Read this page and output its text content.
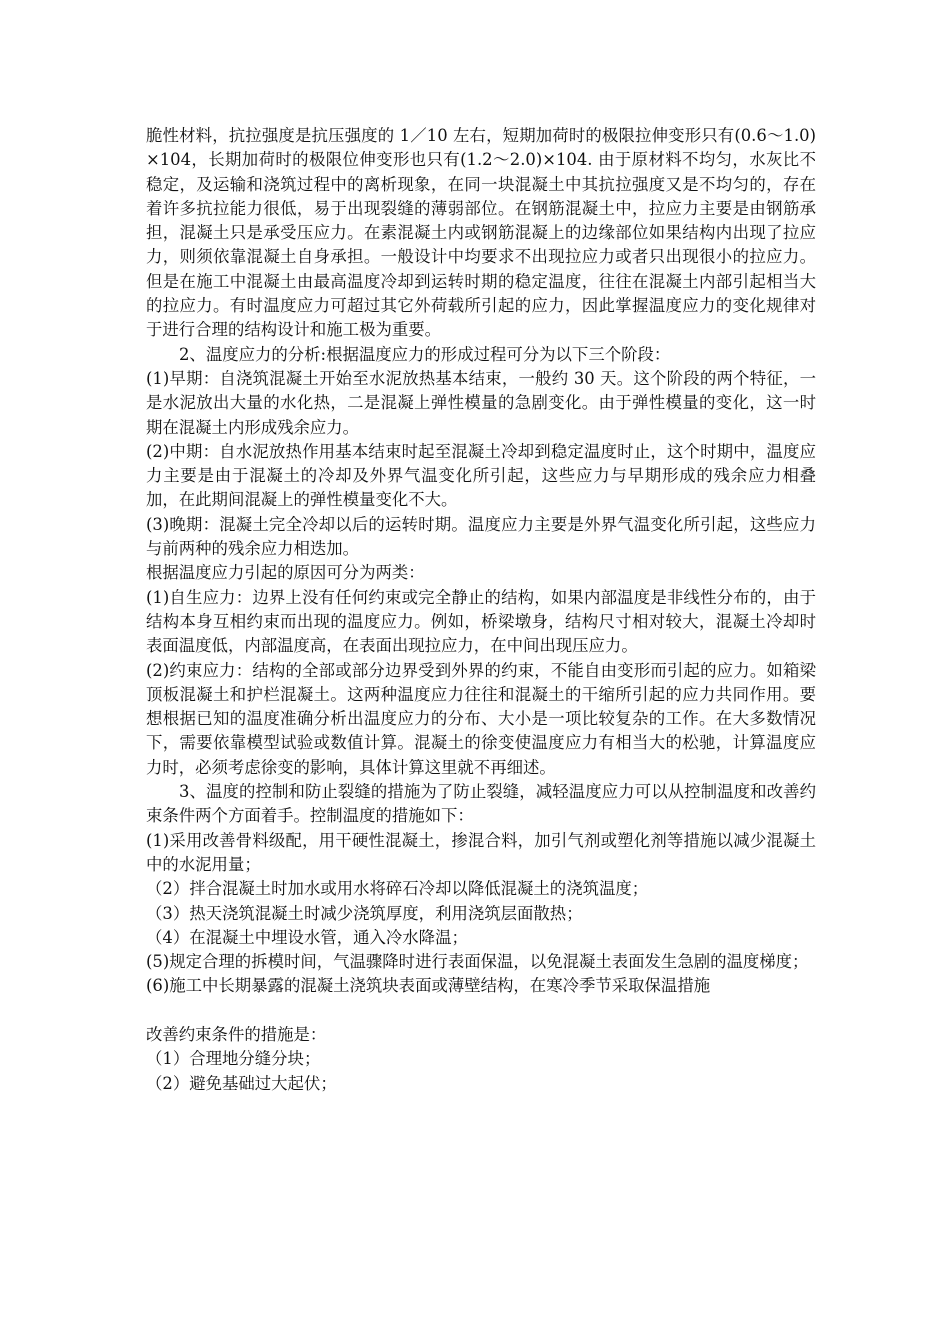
脆性材料，抗拉强度是抗压强度的 1／10 左右，短期加荷时的极限拉伸变形只有(0.6～1.0)×104，长期加荷时的极限位伸变形也只有(1.2～2.0)×104. 由于原材料不均匀，水灰比不稳定，及运输和浇筑过程中的离析现象，在同一块混凝土中其抗拉强度又是不均匀的，存在着许多抗拉能力很低，易于出现裂缝的薄弱部位。在钢筋混凝土中，拉应力主要是由钢筋承担，混凝土只是承受压应力。在素混凝土内或钢筋混凝上的边缘部位如果结构内出现了拉应力，则须依靠混凝土自身承担。一般设计中均要求不出现拉应力或者只出现很小的拉应力。但是在施工中混凝土由最高温度冷却到运转时期的稳定温度，往往在混凝土内部引起相当大的拉应力。有时温度应力可超过其它外荷载所引起的应力，因此掌握温度应力的变化规律对于进行合理的结构设计和施工极为重要。

2、温度应力的分析:根据温度应力的形成过程可分为以下三个阶段：

(1)早期：自浇筑混凝土开始至水泥放热基本结束，一般约 30 天。这个阶段的两个特征，一是水泥放出大量的水化热，二是混凝上弹性模量的急剧变化。由于弹性模量的变化，这一时期在混凝土内形成残余应力。

(2)中期：自水泥放热作用基本结束时起至混凝土冷却到稳定温度时止，这个时期中，温度应力主要是由于混凝土的冷却及外界气温变化所引起，这些应力与早期形成的残余应力相叠加，在此期间混凝上的弹性模量变化不大。

(3)晚期：混凝土完全冷却以后的运转时期。温度应力主要是外界气温变化所引起，这些应力与前两种的残余应力相迭加。

根据温度应力引起的原因可分为两类：

(1)自生应力：边界上没有任何约束或完全静止的结构，如果内部温度是非线性分布的，由于结构本身互相约束而出现的温度应力。例如，桥梁墩身，结构尺寸相对较大，混凝土冷却时表面温度低，内部温度高，在表面出现拉应力，在中间出现压应力。

(2)约束应力：结构的全部或部分边界受到外界的约束，不能自由变形而引起的应力。如箱梁顶板混凝土和护栏混凝土。这两种温度应力往往和混凝土的干缩所引起的应力共同作用。要想根据已知的温度准确分析出温度应力的分布、大小是一项比较复杂的工作。在大多数情况下，需要依靠模型试验或数值计算。混凝土的徐变使温度应力有相当大的松驰，计算温度应力时，必须考虑徐变的影响，具体计算这里就不再细述。

3、温度的控制和防止裂缝的措施为了防止裂缝，减轻温度应力可以从控制温度和改善约束条件两个方面着手。控制温度的措施如下：

(1)采用改善骨料级配，用干硬性混凝土，掺混合料，加引气剂或塑化剂等措施以减少混凝土中的水泥用量；

（2）拌合混凝土时加水或用水将碎石冷却以降低混凝土的浇筑温度；

（3）热天浇筑混凝土时减少浇筑厚度，利用浇筑层面散热；

（4）在混凝土中埋设水管，通入冷水降温；

(5)规定合理的拆模时间，气温骤降时进行表面保温，以免混凝土表面发生急剧的温度梯度；

(6)施工中长期暴露的混凝土浇筑块表面或薄壁结构，在寒冷季节采取保温措施

改善约束条件的措施是：

（1）合理地分缝分块；

（2）避免基础过大起伏；
